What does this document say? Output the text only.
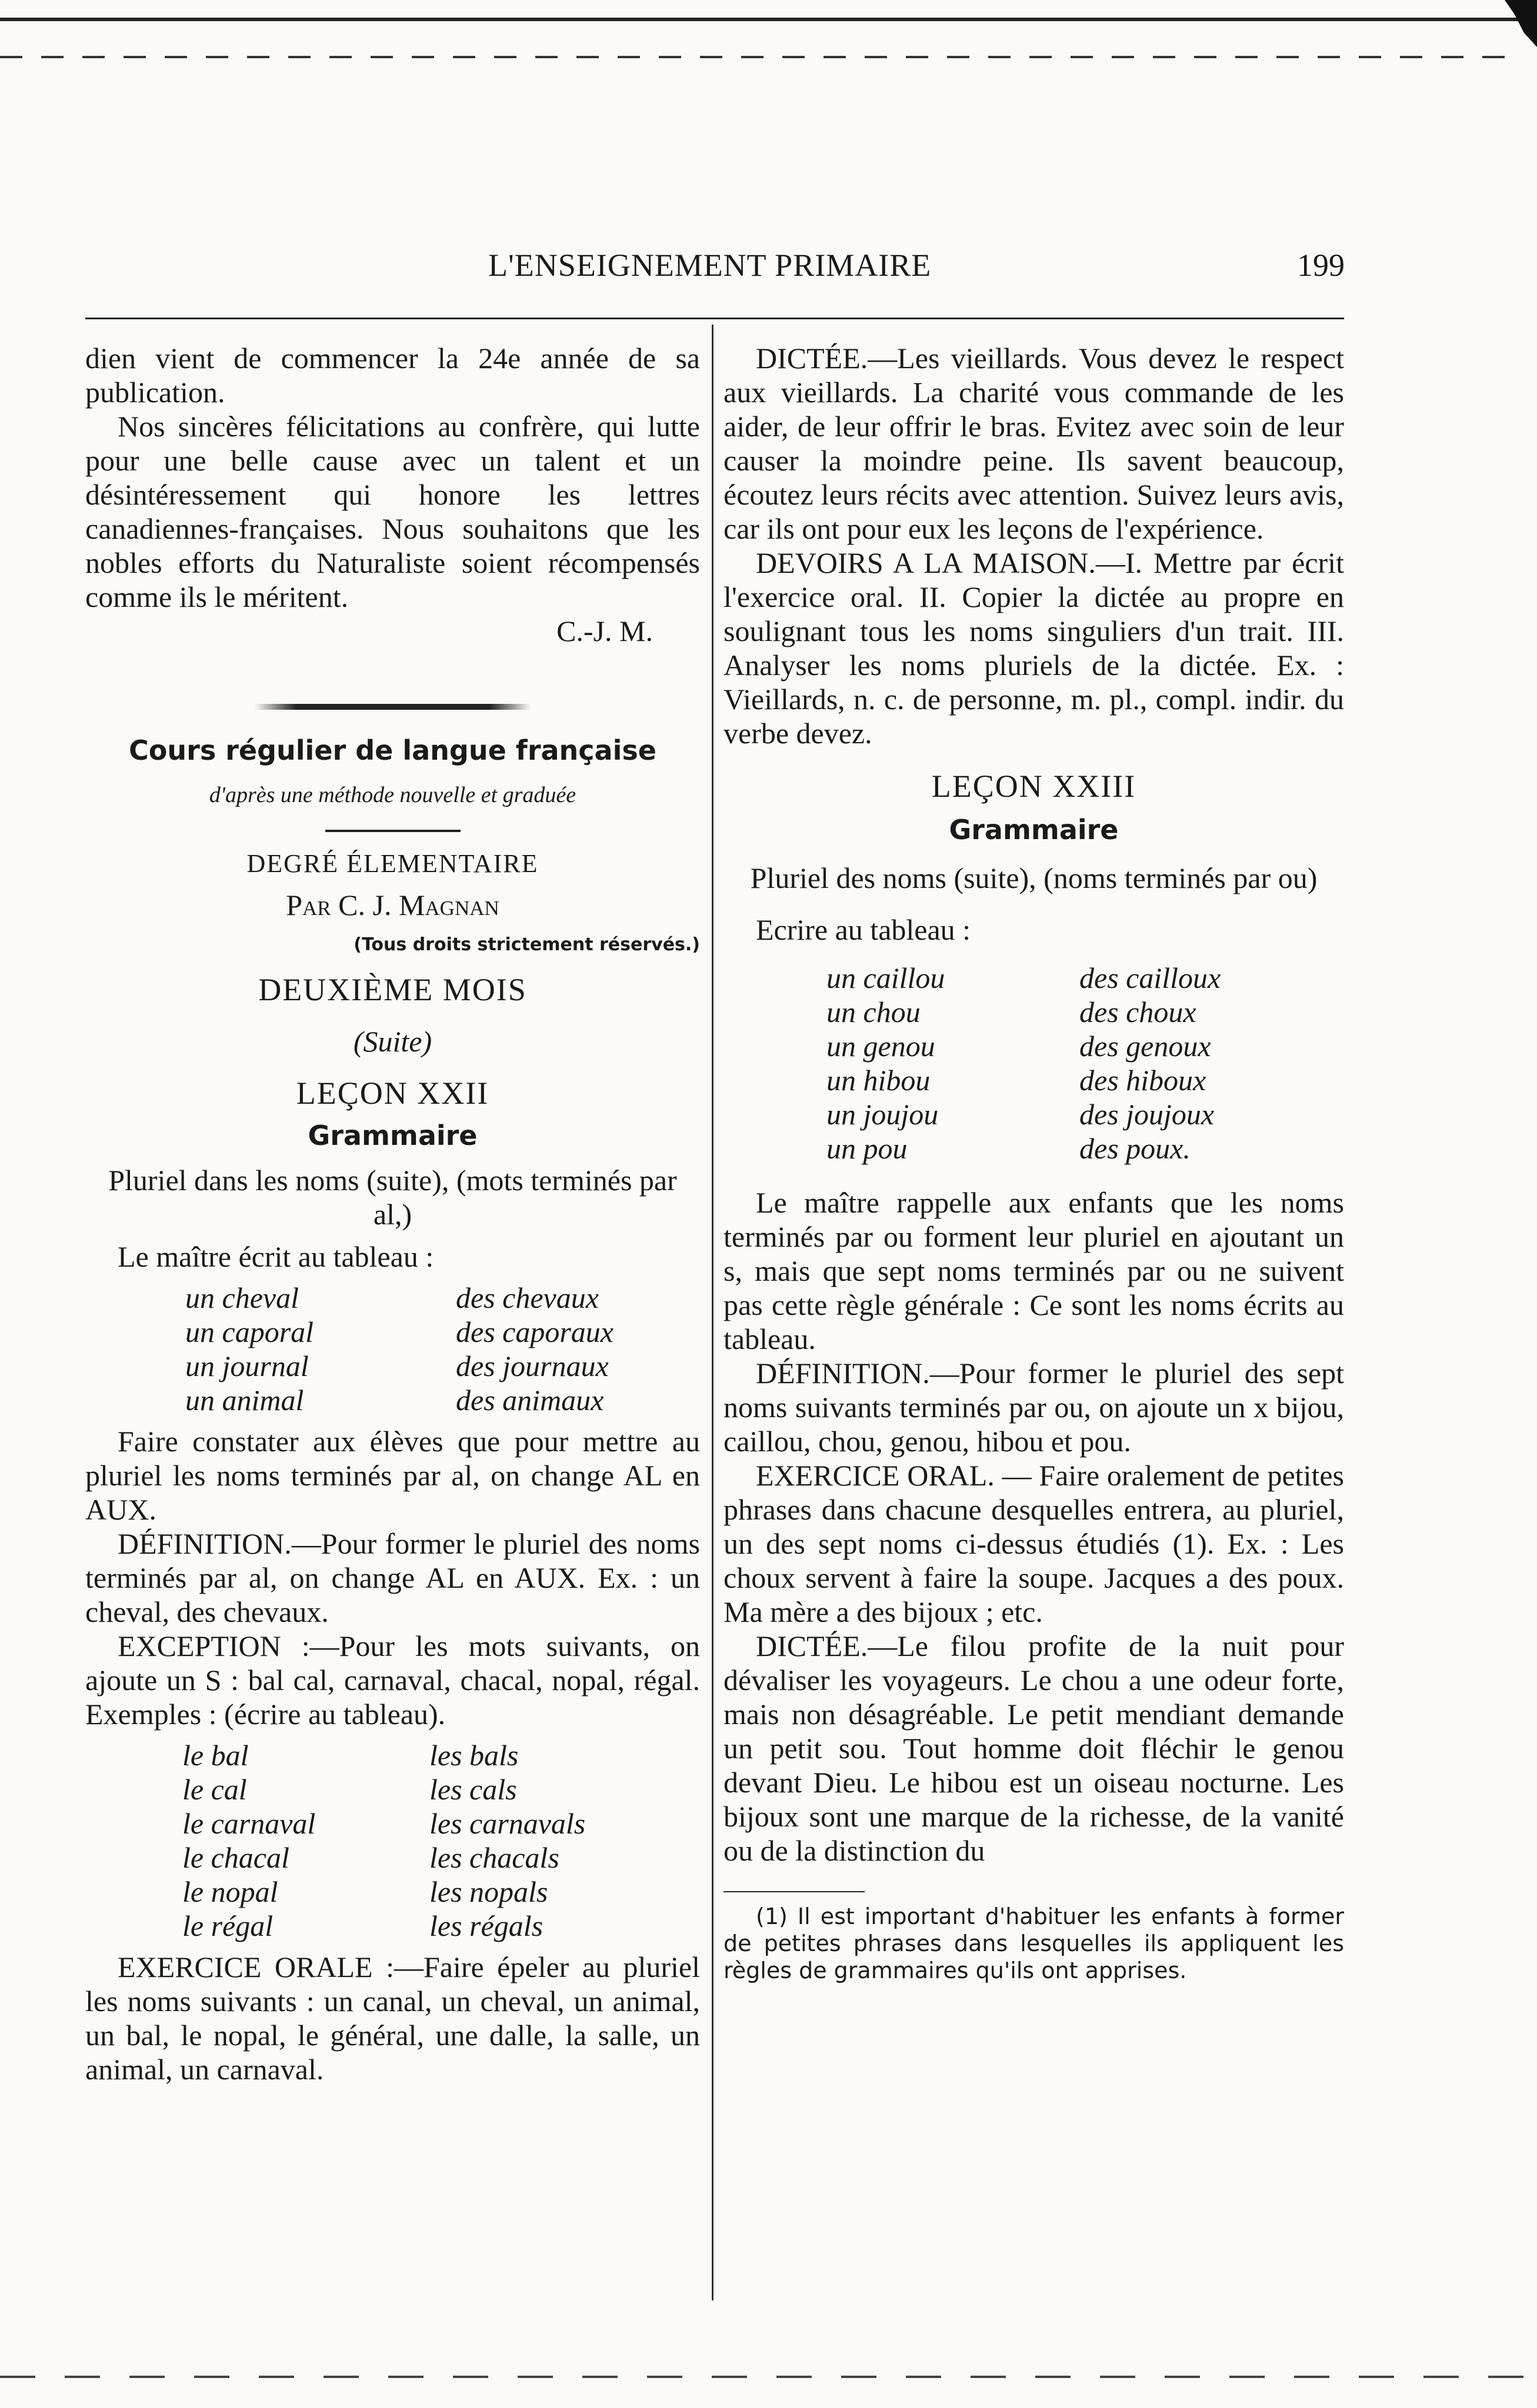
L'ENSEIGNEMENT PRIMAIRE	199

dien vient de commencer la 24e année de sa publication.

Nos sincères félicitations au confrère, qui lutte pour une belle cause avec un talent et un désintéressement qui honore les lettres canadiennes-françaises. Nous souhaitons que les nobles efforts du Naturaliste soient récompensés comme ils le méritent.

C.-J. M.

Cours régulier de langue française

d'après une méthode nouvelle et graduée

DEGRÉ ÉLEMENTAIRE

Par C. J. Magnan

(Tous droits strictement réservés.)

DEUXIÈME MOIS

(Suite)

LEÇON XXII

Grammaire

Pluriel dans les noms (suite), (mots terminés par al,)

Le maître écrit au tableau :

un cheval	des chevaux
un caporal	des caporaux
un journal	des journaux
un animal	des animaux

Faire constater aux élèves que pour mettre au pluriel les noms terminés par al, on change AL en AUX.

DÉFINITION.—Pour former le pluriel des noms terminés par al, on change AL en AUX. Ex. : un cheval, des chevaux.

EXCEPTION :—Pour les mots suivants, on ajoute un S : bal cal, carnaval, chacal, nopal, régal. Exemples : (écrire au tableau).

le bal	les bals
le cal	les cals
le carnaval	les carnavals
le chacal	les chacals
le nopal	les nopals
le régal	les régals

EXERCICE ORALE :—Faire épeler au pluriel les noms suivants : un canal, un cheval, un animal, un bal, le nopal, le général, une dalle, la salle, un animal, un carnaval.

DICTÉE.—Les vieillards. Vous devez le respect aux vieillards. La charité vous commande de les aider, de leur offrir le bras. Evitez avec soin de leur causer la moindre peine. Ils savent beaucoup, écoutez leurs récits avec attention. Suivez leurs avis, car ils ont pour eux les leçons de l'expérience.

DEVOIRS A LA MAISON.—I. Mettre par écrit l'exercice oral. II. Copier la dictée au propre en soulignant tous les noms singuliers d'un trait. III. Analyser les noms pluriels de la dictée. Ex. : Vieillards, n. c. de personne, m. pl., compl. indir. du verbe devez.

LEÇON XXIII

Grammaire

Pluriel des noms (suite), (noms terminés par ou)

Ecrire au tableau :

un caillou	des cailloux
un chou	des choux
un genou	des genoux
un hibou	des hiboux
un joujou	des joujoux
un pou	des poux.

Le maître rappelle aux enfants que les noms terminés par ou forment leur pluriel en ajoutant un s, mais que sept noms terminés par ou ne suivent pas cette règle générale : Ce sont les noms écrits au tableau.

DÉFINITION.—Pour former le pluriel des sept noms suivants terminés par ou, on ajoute un x bijou, caillou, chou, genou, hibou et pou.

EXERCICE ORAL. — Faire oralement de petites phrases dans chacune desquelles entrera, au pluriel, un des sept noms ci-dessus étudiés (1). Ex. : Les choux servent à faire la soupe. Jacques a des poux. Ma mère a des bijoux ; etc.

DICTÉE.—Le filou profite de la nuit pour dévaliser les voyageurs. Le chou a une odeur forte, mais non désagréable. Le petit mendiant demande un petit sou. Tout homme doit fléchir le genou devant Dieu. Le hibou est un oiseau nocturne. Les bijoux sont une marque de la richesse, de la vanité ou de la distinction du

(1) Il est important d'habituer les enfants à former de petites phrases dans lesquelles ils appliquent les règles de grammaires qu'ils ont apprises.
